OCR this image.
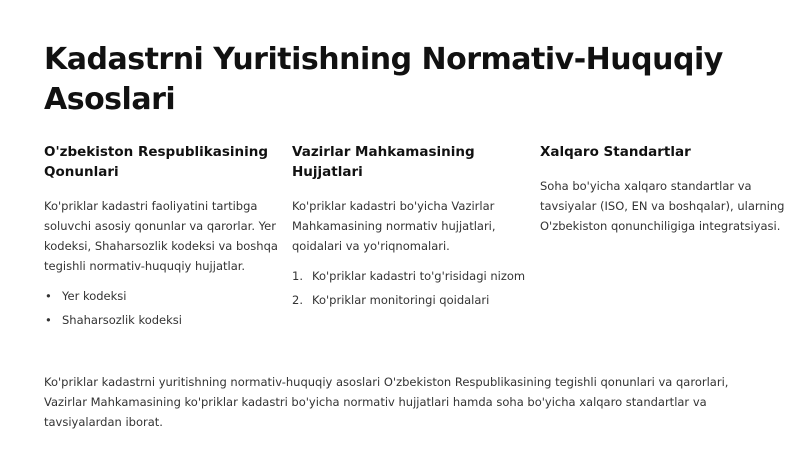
Kadastrni Yuritishning Normativ-Huquqiy Asoslari
O'zbekiston Respublikasining Qonunlari

Ko'priklar kadastri faoliyatini tartibga soluvchi asosiy qonunlar va qarorlar. Yer kodeksi, Shaharsozlik kodeksi va boshqa tegishli normativ-huquqiy hujjatlar.

• Yer kodeksi
• Shaharsozlik kodeksi
Vazirlar Mahkamasining Hujjatlari

Ko'priklar kadastri bo'yicha Vazirlar Mahkamasining normativ hujjatlari, qoidalari va yo'riqnomalari.

1. Ko'priklar kadastri to'g'risidagi nizom
2. Ko'priklar monitoringi qoidalari
Xalqaro Standartlar

Soha bo'yicha xalqaro standartlar va tavsiyalar (ISO, EN va boshqalar), ularning O'zbekiston qonunchiligiga integratsiyasi.

Ko'priklar kadastrni yuritishning normativ-huquqiy asoslari O'zbekiston Respublikasining tegishli qonunlari va qarorlari, Vazirlar Mahkamasining ko'priklar kadastri bo'yicha normativ hujjatlari hamda soha bo'yicha xalqaro standartlar va tavsiyalardan iborat.
